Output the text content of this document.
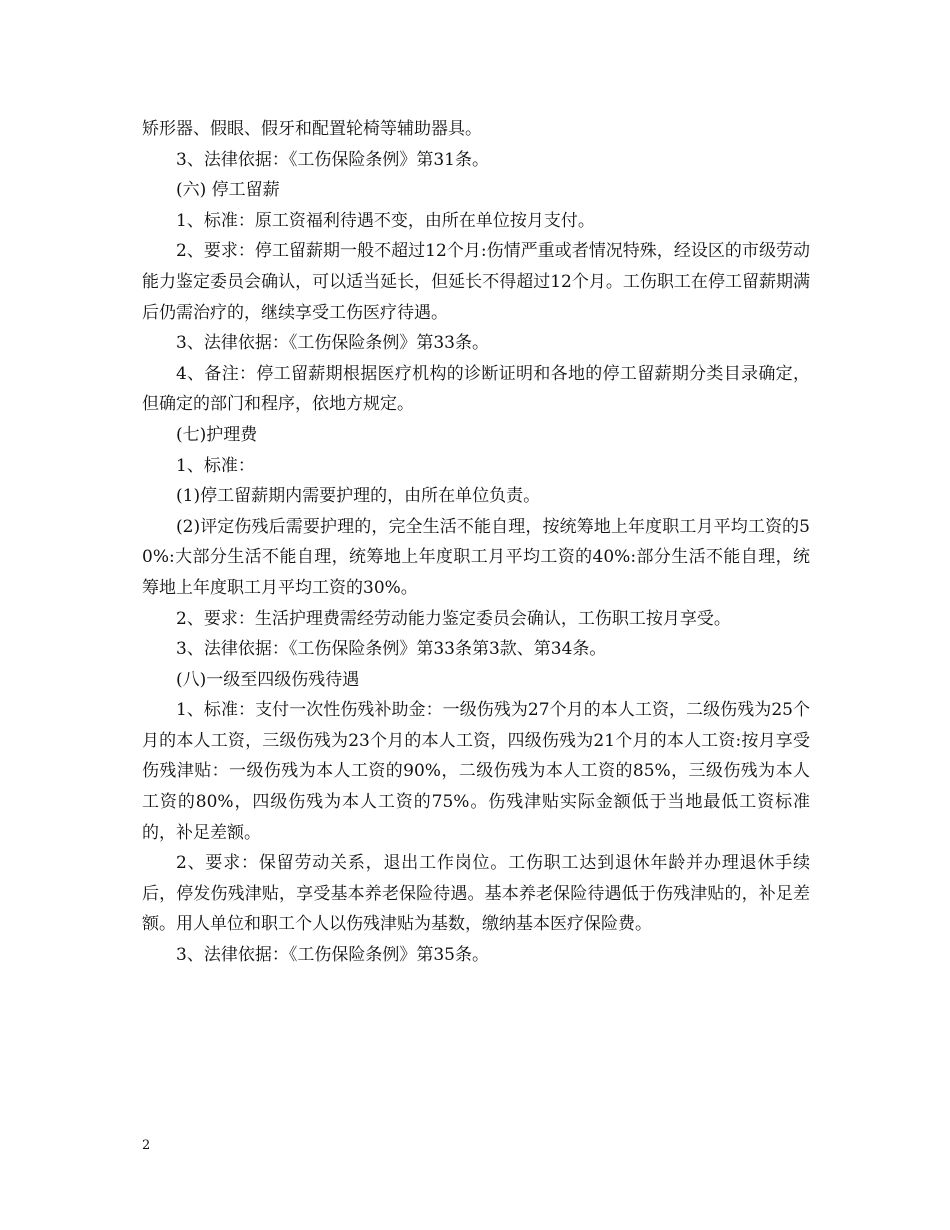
矫形器、假眼、假牙和配置轮椅等辅助器具。

3、法律依据：《工伤保险条例》第31条。

(六) 停工留薪

1、标准：原工资福利待遇不变，由所在单位按月支付。

2、要求：停工留薪期一般不超过12个月:伤情严重或者情况特殊，经设区的市级劳动能力鉴定委员会确认，可以适当延长，但延长不得超过12个月。工伤职工在停工留薪期满后仍需治疗的，继续享受工伤医疗待遇。

3、法律依据：《工伤保险条例》第33条。

4、备注：停工留薪期根据医疗机构的诊断证明和各地的停工留薪期分类目录确定，但确定的部门和程序，依地方规定。

(七)护理费

1、标准：

(1)停工留薪期内需要护理的，由所在单位负责。

(2)评定伤残后需要护理的，完全生活不能自理，按统筹地上年度职工月平均工资的50%:大部分生活不能自理，统筹地上年度职工月平均工资的40%:部分生活不能自理，统筹地上年度职工月平均工资的30%。

2、要求：生活护理费需经劳动能力鉴定委员会确认，工伤职工按月享受。

3、法律依据：《工伤保险条例》第33条第3款、第34条。

(八)一级至四级伤残待遇

1、标准：支付一次性伤残补助金：一级伤残为27个月的本人工资，二级伤残为25个月的本人工资，三级伤残为23个月的本人工资，四级伤残为21个月的本人工资:按月享受伤残津贴：一级伤残为本人工资的90%，二级伤残为本人工资的85%，三级伤残为本人工资的80%，四级伤残为本人工资的75%。伤残津贴实际金额低于当地最低工资标准的，补足差额。

2、要求：保留劳动关系，退出工作岗位。工伤职工达到退休年龄并办理退休手续后，停发伤残津贴，享受基本养老保险待遇。基本养老保险待遇低于伤残津贴的，补足差额。用人单位和职工个人以伤残津贴为基数，缴纳基本医疗保险费。

3、法律依据：《工伤保险条例》第35条。

2
